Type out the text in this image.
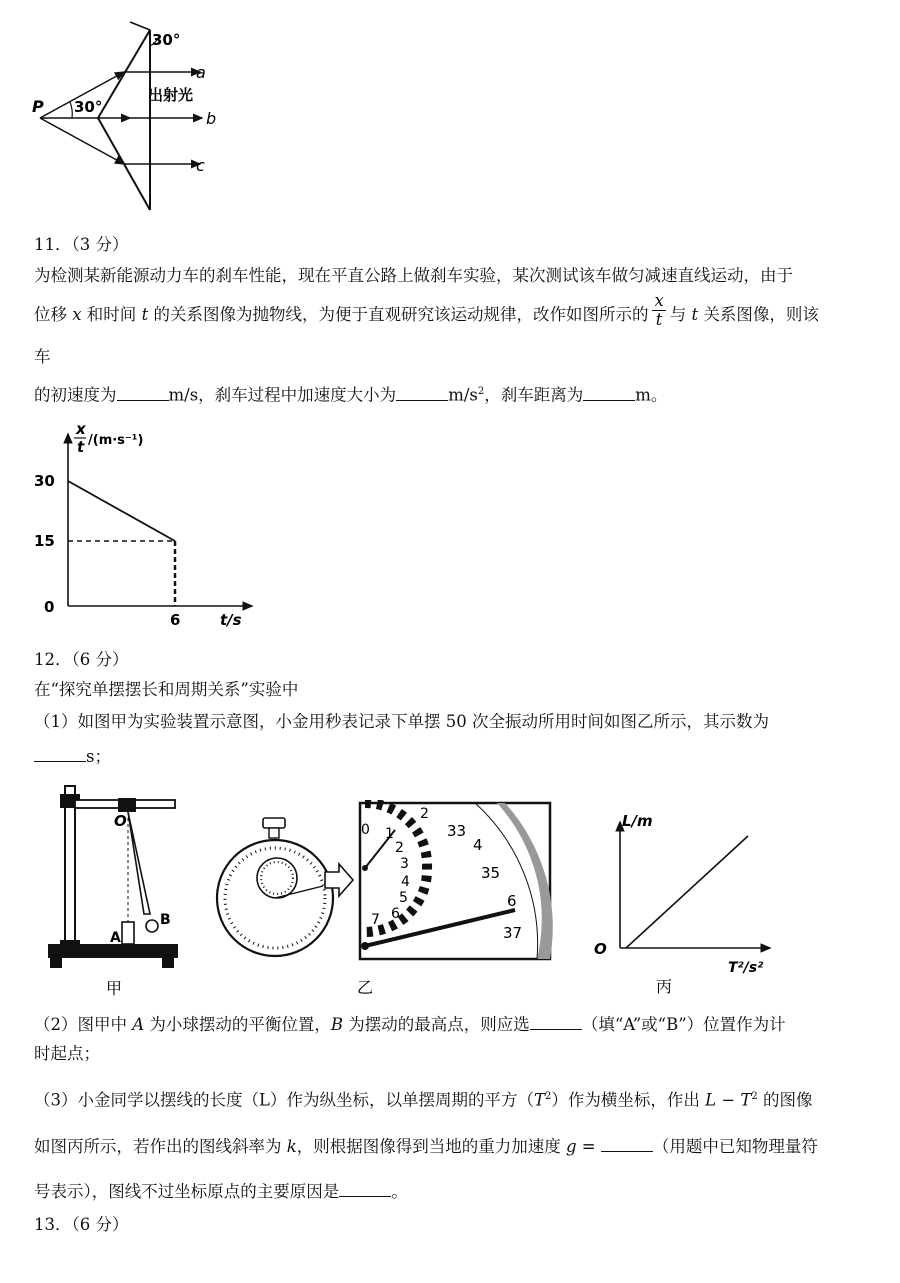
30°
30°
P
出射光
a
b
c
11．（3 分）
为检测某新能源动力车的刹车性能，现在平直公路上做刹车实验，某次测试该车做匀减速直线运动，由于
位移 x 和时间 t 的关系图像为抛物线，为便于直观研究该运动规律，改作如图所示的 $\frac{x}{t}$ 与 t 关系图像，则该
车
的初速度为	m/s，刹车过程中加速度大小为	$m/s^2$，刹车距离为	m。
x
t /(m·s⁻¹)
30
15
0
6	t/s
12．（6 分）
在“探究单摆摆长和周期关系”实验中
（1）如图甲为实验装置示意图，小金用秒表记录下单摆 50 次全振动所用时间如图乙所示，其示数为
s；
O
A
B
甲
0 1
2
3
4
5
6
7
2
33
4
35
6
37
乙
L/m
O
T²/s²
丙
（2）图甲中 A 为小球摆动的平衡位置，B 为摆动的最高点，则应选	（填“A”或“B”）位置作为计
时起点；
（3）小金同学以摆线的长度（L）作为纵坐标，以单摆周期的平方$(T^2)$作为横坐标，作出 $L - T^2$ 的图像
如图丙所示，若作出的图线斜率为 k，则根据图像得到当地的重力加速度 g =	（用题中已知物理量符
号表示），图线不过坐标原点的主要原因是	。
13．（6 分）
